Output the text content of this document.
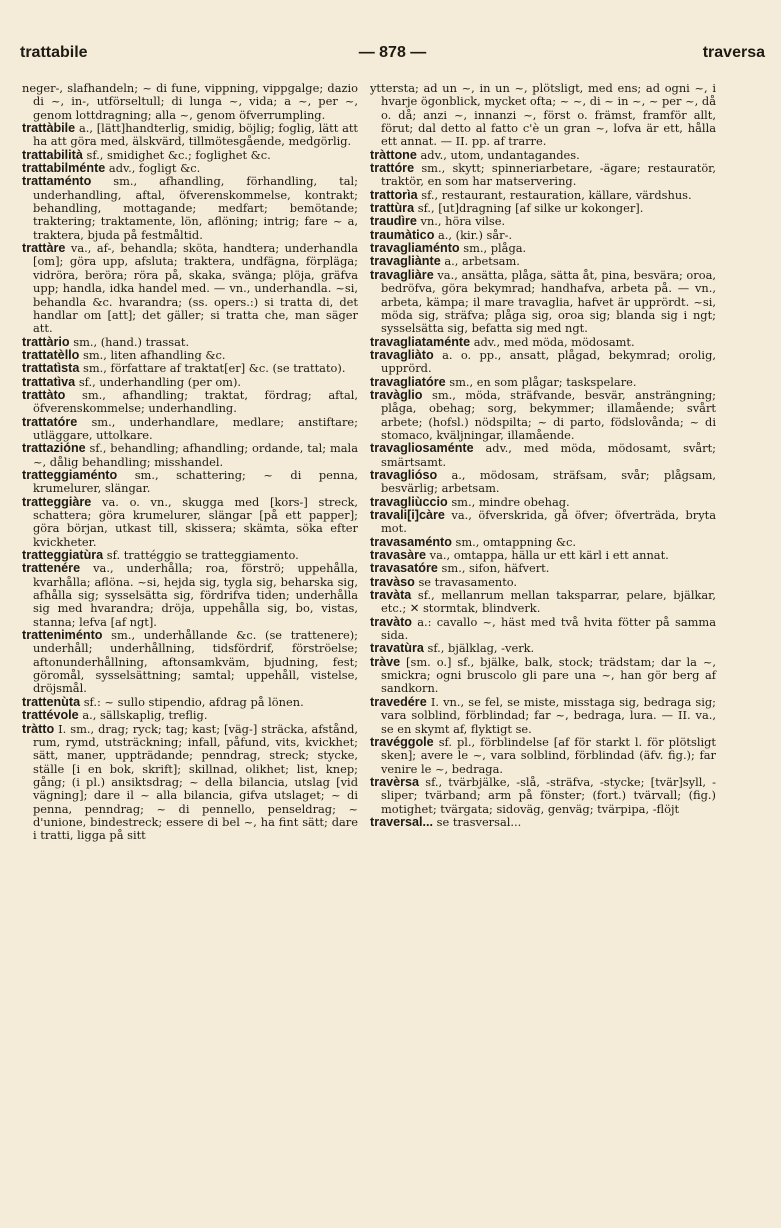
trattabile	— 878 —	traversa

neger-, slafhandeln; ~ di fune, vippning, vippgalge; dazio di ~, in-, utförseltull; di lunga ~, vida; a ~, per ~, genom lottdragning; alla ~, genom öfverrumpling.

trattàbile a., [lätt]handterlig, smidig, böjlig; foglig, lätt att ha att göra med, älskvärd, tillmötesgående, medgörlig.

trattabilità sf., smidighet &c.; foglighet &c.

trattabilménte adv., fogligt &c.

trattaménto sm., afhandling, förhandling, tal; underhandling, aftal, öfverenskommelse, kontrakt; behandling, mottagande; medfart; bemötande; traktering; traktamente, lön, aflöning; intrig; fare ~ a, traktera, bjuda på festmåltid.

trattàre va., af-, behandla; sköta, handtera; underhandla [om]; göra upp, afsluta; traktera, undfägna, förpläga; vidröra, beröra; röra på, skaka, svänga; plöja, gräfva upp; handla, idka handel med. — vn., underhandla. ~si, behandla &c. hvarandra; (ss. opers.:) si tratta di, det handlar om [att]; det gäller; si tratta che, man säger att.

trattàrio sm., (hand.) trassat.

trattatèllo sm., liten afhandling &c.

trattatìsta sm., författare af traktat[er] &c. (se trattato).

trattatìva sf., underhandling (per om).

trattàto sm., afhandling; traktat, fördrag; aftal, öfverenskommelse; underhandling.

trattatóre sm., underhandlare, medlare; anstiftare; utläggare, uttolkare.

trattazióne sf., behandling; afhandling; ordande, tal; mala ~, dålig behandling; misshandel.

tratteggiaménto sm., schattering; ~ di penna, krumelurer, slängar.

tratteggiàre va. o. vn., skugga med [kors-] streck, schattera; göra krumelurer, slängar [på ett papper]; göra början, utkast till, skissera; skämta, söka efter kvickheter.

tratteggiatùra sf. trattéggio se tratteggiamento.

trattenére va., underhålla; roa, förströ; uppehålla, kvarhålla; aflöna. ~si, hejda sig, tygla sig, beharska sig, afhålla sig; sysselsätta sig, fördrifva tiden; underhålla sig med hvarandra; dröja, uppehålla sig, bo, vistas, stanna; lefva [af ngt].

tratteniménto sm., underhållande &c. (se trattenere); underhåll; underhållning, tidsfördrif, förströelse; aftonunderhållning, aftonsamkväm, bjudning, fest; göromål, sysselsättning; samtal; uppehåll, vistelse, dröjsmål.

trattenùta sf.: ~ sullo stipendio, afdrag på lönen.

trattévole a., sällskaplig, treflig.

tràtto I. sm., drag; ryck; tag; kast; [väg-] sträcka, afstånd, rum, rymd, utsträckning; infall, påfund, vits, kvickhet; sätt, maner, uppträdande; penndrag, streck; stycke, ställe [i en bok, skrift]; skillnad, olikhet; list, knep; gång; (i pl.) ansiktsdrag; ~ della bilancia, utslag [vid vägning]; dare il ~ alla bilancia, gifva utslaget; ~ di penna, penndrag; ~ di pennello, penseldrag; ~ d'unione, bindestreck; essere di bel ~, ha fint sätt; dare i tratti, ligga på sitt

yttersta; ad un ~, in un ~, plötsligt, med ens; ad ogni ~, i hvarje ögonblick, mycket ofta; ~ ~, di ~ in ~, ~ per ~, då o. då; anzi ~, innanzi ~, först o. främst, framför allt, förut; dal detto al fatto c'è un gran ~, lofva är ett, hålla ett annat. — II. pp. af trarre.

tràttone adv., utom, undantagandes.

trattóre sm., skytt; spinneriarbetare, -ägare; restauratör, traktör, en som har matservering.

trattorìa sf., restaurant, restauration, källare, värdshus.

trattùra sf., [ut]dragning [af silke ur kokonger].

traudìre vn., höra vilse.

traumàtico a., (kir.) sår-.

travagliaménto sm., plåga.

travagliànte a., arbetsam.

travagliàre va., ansätta, plåga, sätta åt, pina, besvära; oroa, bedröfva, göra bekymrad; handhafva, arbeta på. — vn., arbeta, kämpa; il mare travaglia, hafvet är upprördt. ~si, möda sig, sträfva; plåga sig, oroa sig; blanda sig i ngt; sysselsätta sig, befatta sig med ngt.

travagliataménte adv., med möda, mödosamt.

travagliàto a. o. pp., ansatt, plågad, bekymrad; orolig, upprörd.

travagliatóre sm., en som plågar; taskspelare.

travàglio sm., möda, sträfvande, besvär, ansträngning; plåga, obehag; sorg, bekymmer; illamående; svårt arbete; (hofsl.) nödspilta; ~ di parto, födslovånda; ~ di stomaco, kväljningar, illamående.

travagliosaménte adv., med möda, mödosamt, svårt; smärtsamt.

travaglióso a., mödosam, sträfsam, svår; plågsam, besvärlig; arbetsam.

travagliùccio sm., mindre obehag.

travali[i]càre va., öfverskrida, gå öfver; öfverträda, bryta mot.

travasaménto sm., omtappning &c.

travasàre va., omtappa, hälla ur ett kärl i ett annat.

travasatóre sm., sifon, häfvert.

travàso se travasamento.

travàta sf., mellanrum mellan taksparrar, pelare, bjälkar, etc.; ✕ stormtak, blindverk.

travàto a.: cavallo ~, häst med två hvita fötter på samma sida.

travatùra sf., bjälklag, -verk.

tràve [sm. o.] sf., bjälke, balk, stock; trädstam; dar la ~, smickra; ogni bruscolo gli pare una ~, han gör berg af sandkorn.

travedére I. vn., se fel, se miste, misstaga sig, bedraga sig; vara solblind, förblindad; far ~, bedraga, lura. — II. va., se en skymt af, flyktigt se.

travéggole sf. pl., förblindelse [af för starkt l. för plötsligt sken]; avere le ~, vara solblind, förblindad (äfv. fig.); far venire le ~, bedraga.

travèrsa sf., tvärbjälke, -slå, -sträfva, -stycke; [tvär]syll, -sliper; tvärband; arm på fönster; (fort.) tvärvall; (fig.) motighet; tvärgata; sidoväg, genväg; tvärpipa, -flöjt

traversal... se trasversal...
